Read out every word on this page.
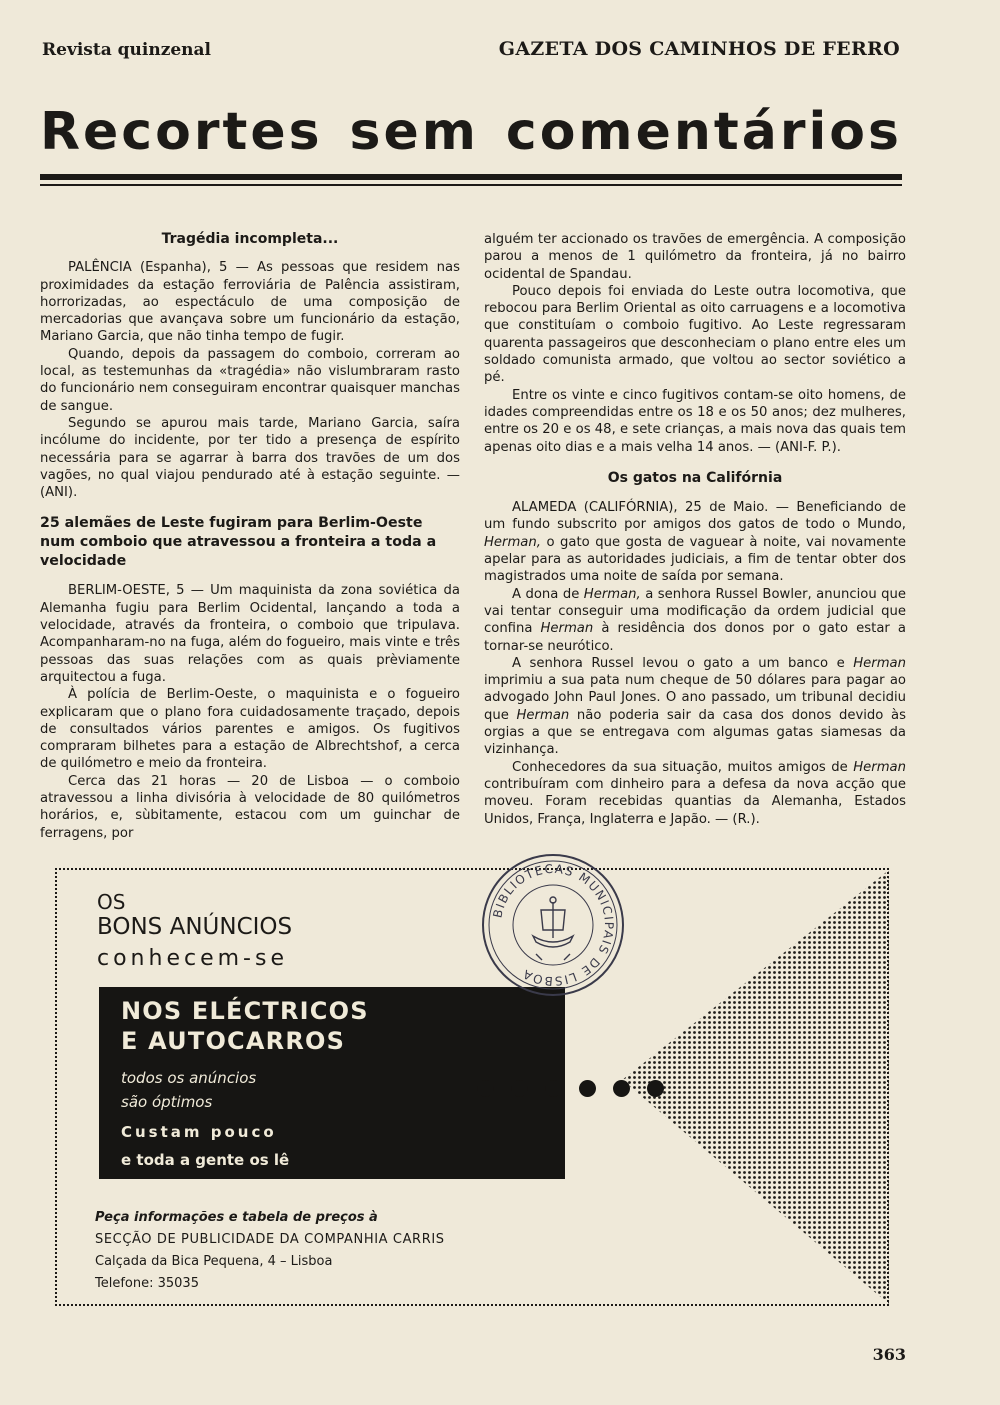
Revista quinzenal	GAZETA DOS CAMINHOS DE FERRO
Recortes sem comentários
Tragédia incompleta...

PALÊNCIA (Espanha), 5 — As pessoas que residem nas proximidades da estação ferroviária de Palência assistiram, horrorizadas, ao espectáculo de uma composição de mercadorias que avançava sobre um funcionário da estação, Mariano Garcia, que não tinha tempo de fugir.

Quando, depois da passagem do comboio, correram ao local, as testemunhas da «tragédia» não vislumbraram rasto do funcionário nem conseguiram encontrar quaisquer manchas de sangue.

Segundo se apurou mais tarde, Mariano Garcia, saíra incólume do incidente, por ter tido a presença de espírito necessária para se agarrar à barra dos travões de um dos vagões, no qual viajou pendurado até à estação seguinte. — (ANI).

25 alemães de Leste fugiram para Berlim-Oeste num comboio que atravessou a fronteira a toda a velocidade

BERLIM-OESTE, 5 — Um maquinista da zona soviética da Alemanha fugiu para Berlim Ocidental, lançando a toda a velocidade, através da fronteira, o comboio que tripulava. Acompanharam-no na fuga, além do fogueiro, mais vinte e três pessoas das suas relações com as quais prèviamente arquitectou a fuga.

À polícia de Berlim-Oeste, o maquinista e o fogueiro explicaram que o plano fora cuidadosamente traçado, depois de consultados vários parentes e amigos. Os fugitivos compraram bilhetes para a estação de Albrechtshof, a cerca de quilómetro e meio da fronteira.

Cerca das 21 horas — 20 de Lisboa — o comboio atravessou a linha divisória à velocidade de 80 quilómetros horários, e, sùbitamente, estacou com um guinchar de ferragens, por

alguém ter accionado os travões de emergência. A composição parou a menos de 1 quilómetro da fronteira, já no bairro ocidental de Spandau.

Pouco depois foi enviada do Leste outra locomotiva, que rebocou para Berlim Oriental as oito carruagens e a locomotiva que constituíam o comboio fugitivo. Ao Leste regressaram quarenta passageiros que desconheciam o plano entre eles um soldado comunista armado, que voltou ao sector soviético a pé.

Entre os vinte e cinco fugitivos contam-se oito homens, de idades compreendidas entre os 18 e os 50 anos; dez mulheres, entre os 20 e os 48, e sete crianças, a mais nova das quais tem apenas oito dias e a mais velha 14 anos. — (ANI-F. P.).

Os gatos na Califórnia

ALAMEDA (CALIFÓRNIA), 25 de Maio. — Beneficiando de um fundo subscrito por amigos dos gatos de todo o Mundo, Herman, o gato que gosta de vaguear à noite, vai novamente apelar para as autoridades judiciais, a fim de tentar obter dos magistrados uma noite de saída por semana.

A dona de Herman, a senhora Russel Bowler, anunciou que vai tentar conseguir uma modificação da ordem judicial que confina Herman à residência dos donos por o gato estar a tornar-se neurótico.

A senhora Russel levou o gato a um banco e Herman imprimiu a sua pata num cheque de 50 dólares para pagar ao advogado John Paul Jones. O ano passado, um tribunal decidiu que Herman não poderia sair da casa dos donos devido às orgias a que se entregava com algumas gatas siamesas da vizinhança.

Conhecedores da sua situação, muitos amigos de Herman contribuíram com dinheiro para a defesa da nova acção que moveu. Foram recebidas quantias da Alemanha, Estados Unidos, França, Inglaterra e Japão. — (R.).

OS
BONS ANÚNCIOS
conhecem-se
NOS ELÉCTRICOS
E AUTOCARROS
todos os anúncios
são óptimos
Custam pouco
e toda a gente os lê
Peça informações e tabela de preços à
SECÇÃO DE PUBLICIDADE DA COMPANHIA CARRIS
Calçada da Bica Pequena, 4 – Lisboa
Telefone: 35035
BIBLIOTECAS MUNICIPAIS DE LISBOA
363
